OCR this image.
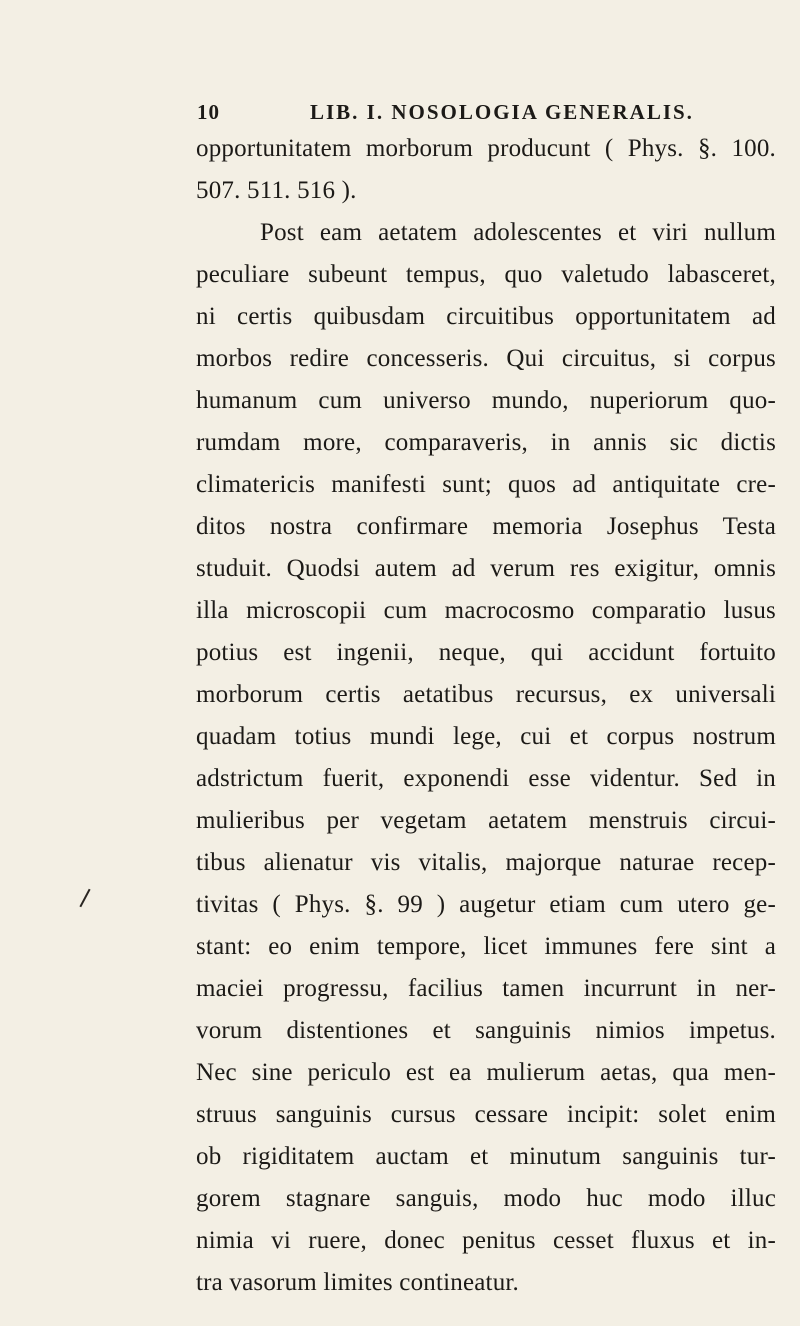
10	LIB. I. NOSOLOGIA GENERALIS.
opportunitatem morborum producunt ( Phys. §. 100.
507. 511. 516 ).
Post eam aetatem adolescentes et viri nullum
peculiare subeunt tempus, quo valetudo labasceret,
ni certis quibusdam circuitibus opportunitatem ad
morbos redire concesseris. Qui circuitus, si corpus
humanum cum universo mundo, nuperiorum quo-
rumdam more, comparaveris, in annis sic dictis
climatericis manifesti sunt; quos ad antiquitate cre-
ditos nostra confirmare memoria Josephus Testa
studuit. Quodsi autem ad verum res exigitur, omnis
illa microscopii cum macrocosmo comparatio lusus
potius est ingenii, neque, qui accidunt fortuito
morborum certis aetatibus recursus, ex universali
quadam totius mundi lege, cui et corpus nostrum
adstrictum fuerit, exponendi esse videntur. Sed in
mulieribus per vegetam aetatem menstruis circui-
tibus alienatur vis vitalis, majorque naturae recep-
tivitas ( Phys. §. 99 ) augetur etiam cum utero ge-
stant: eo enim tempore, licet immunes fere sint a
maciei progressu, facilius tamen incurrunt in ner-
vorum distentiones et sanguinis nimios impetus.
Nec sine periculo est ea mulierum aetas, qua men-
struus sanguinis cursus cessare incipit: solet enim
ob rigiditatem auctam et minutum sanguinis tur-
gorem stagnare sanguis, modo huc modo illuc
nimia vi ruere, donec penitus cesset fluxus et in-
tra vasorum limites contineatur.
